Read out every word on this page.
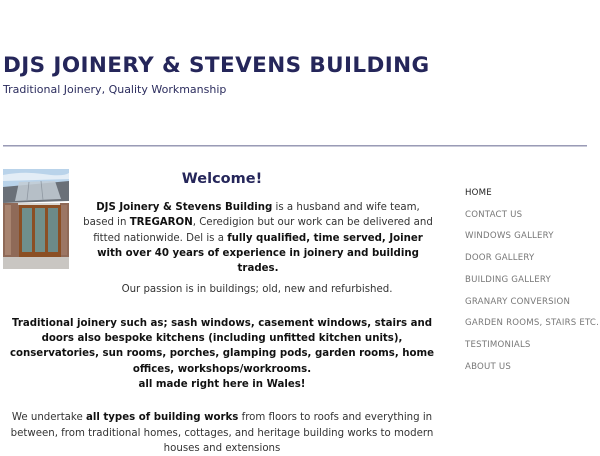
DJS JOINERY & STEVENS BUILDING
Traditional Joinery, Quality Workmanship
Welcome!

DJS Joinery & Stevens Building is a husband and wife team, based in TREGARON, Ceredigion but our work can be delivered and fitted nationwide. Del is a fully qualified, time served, Joiner with over 40 years of experience in joinery and building trades.

Our passion is in buildings; old, new and refurbished.

Traditional joinery such as; sash windows, casement windows, stairs and doors also bespoke kitchens (including unfitted kitchen units), conservatories, sun rooms, porches, glamping pods, garden rooms, home offices, workshops/workrooms.
all made right here in Wales!

We undertake all types of building works from floors to roofs and everything in between, from traditional homes, cottages, and heritage building works to modern houses and extensions

HOME
CONTACT US
WINDOWS GALLERY
DOOR GALLERY
BUILDING GALLERY
GRANARY CONVERSION
GARDEN ROOMS, STAIRS ETC.
TESTIMONIALS
ABOUT US
